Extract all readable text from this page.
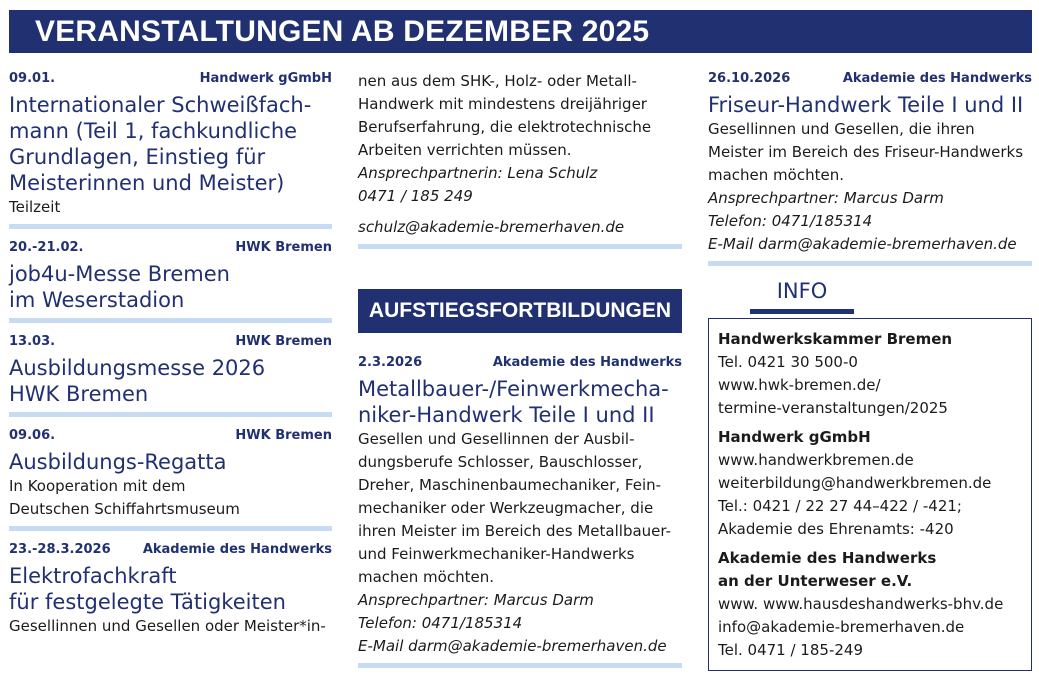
VERANSTALTUNGEN AB DEZEMBER 2025
09.01.	Handwerk gGmbH
Internationaler Schweißfach-
mann (Teil 1, fachkundliche
Grundlagen, Einstieg für
Meisterinnen und Meister)
Teilzeit
20.-21.02.	HWK Bremen
job4u-Messe Bremen
im Weserstadion
13.03.	HWK Bremen
Ausbildungsmesse 2026
HWK Bremen
09.06.	HWK Bremen
Ausbildungs-Regatta
In Kooperation mit dem
Deutschen Schiffahrtsmuseum
23.-28.3.2026 Akademie des Handwerks
Elektrofachkraft
für festgelegte Tätigkeiten
Gesellinnen und Gesellen oder Meister*in-
nen aus dem SHK-, Holz- oder Metall-
Handwerk mit mindestens dreijähriger
Berufserfahrung, die elektrotechnische
Arbeiten verrichten müssen.
Ansprechpartnerin: Lena Schulz
0471 / 185 249
schulz@akademie-bremerhaven.de
AUFSTIEGSFORTBILDUNGEN
2.3.2026	Akademie des Handwerks
Metallbauer-/Feinwerkmecha-
niker-Handwerk Teile I und II
Gesellen und Gesellinnen der Ausbil-
dungsberufe Schlosser, Bauschlosser,
Dreher, Maschinenbaumechaniker, Fein-
mechaniker oder Werkzeugmacher, die
ihren Meister im Bereich des Metallbauer-
und Feinwerkmechaniker-Handwerks
machen möchten.
Ansprechpartner: Marcus Darm
Telefon: 0471/185314
E-Mail darm@akademie-bremerhaven.de
26.10.2026	Akademie des Handwerks
Friseur-Handwerk Teile I und II
Gesellinnen und Gesellen, die ihren
Meister im Bereich des Friseur-Handwerks
machen möchten.
Ansprechpartner: Marcus Darm
Telefon: 0471/185314
E-Mail darm@akademie-bremerhaven.de
INFO
Handwerkskammer Bremen
Tel. 0421 30 500-0
www.hwk-bremen.de/
termine-veranstaltungen/2025
Handwerk gGmbH
www.handwerkbremen.de
weiterbildung@handwerkbremen.de
Tel.: 0421 / 22 27 44–422 / -421;
Akademie des Ehrenamts: -420
Akademie des Handwerks
an der Unterweser e.V.
www. www.hausdeshandwerks-bhv.de
info@akademie-bremerhaven.de
Tel. 0471 / 185-249
